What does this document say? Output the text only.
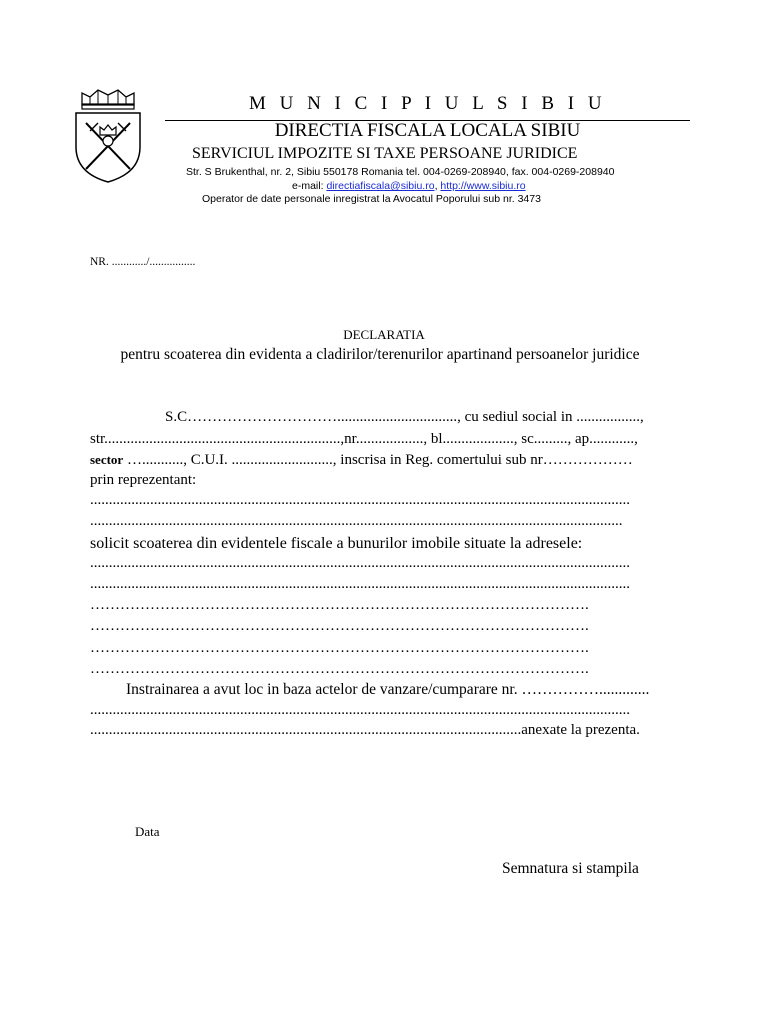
M U N I C I P I U L S I B I U
DIRECTIA FISCALA LOCALA SIBIU
SERVICIUL IMPOZITE SI TAXE PERSOANE JURIDICE
Str. S Brukenthal, nr. 2, Sibiu 550178 Romania tel. 004-0269-208940, fax. 004-0269-208940
e-mail: directiafiscala@sibiu.ro, http://www.sibiu.ro
Operator de date personale inregistrat la Avocatul Poporului sub nr. 3473
NR. ............/................
DECLARATIA
pentru scoaterea din evidenta a cladirilor/terenurilor apartinand persoanelor juridice
S.C…………………………................................, cu sediul social in .................,
str...............................................................,nr.................., bl..................., sc........., ap............,
sector …..........., C.U.I. ..........................., inscrisa in Reg. comertului sub nr………………
prin reprezentant:
................................................................................................................................................
..............................................................................................................................................
solicit scoaterea din evidentele fiscale a bunurilor imobile situate la adresele:
................................................................................................................................................
................................................................................................................................................
……………………………………………………………………………………….
……………………………………………………………………………………….
……………………………………………………………………………………….
……………………………………………………………………………………….
Instrainarea a avut loc in baza actelor de vanzare/cumparare nr. …………….............
................................................................................................................................................
...................................................................................................................anexate la prezenta.
Data
Semnatura si stampila
